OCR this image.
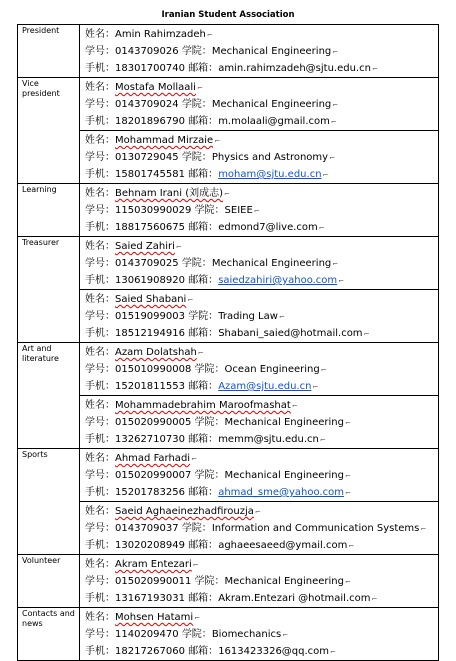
Iranian Student Association
President	姓名：Amin Rahimzadeh⌐
学号：0143709026 学院：Mechanical Engineering⌐
手机：18301700740 邮箱：amin.rahimzadeh@sjtu.edu.cn⌐

Vice president	姓名：Mostafa Mollaali⌐
学号：0143709024 学院：Mechanical Engineering⌐
手机：18201896790 邮箱：m.molaali@gmail.com⌐

	姓名：Mohammad Mirzaie⌐
学号：0130729045 学院：Physics and Astronomy⌐
手机：15801745581 邮箱：moham@sjtu.edu.cn⌐

Learning	姓名：Behnam Irani (刘成志)⌐
学号：115030990029 学院：SEIEE⌐
手机：18817560675 邮箱：edmond7@live.com⌐

Treasurer	姓名：Saied Zahiri⌐
学号：0143709025 学院：Mechanical Engineering⌐
手机：13061908920 邮箱：saiedzahiri@yahoo.com⌐

	姓名：Saied Shabani⌐
学号：01519099003 学院：Trading Law⌐
手机：18512194916 邮箱：Shabani_saied@hotmail.com⌐

Art and literature	姓名：Azam Dolatshah⌐
学号：015010990008 学院：Ocean Engineering⌐
手机：15201811553 邮箱：Azam@sjtu.edu.cn⌐

	姓名：Mohammadebrahim Maroofmashat⌐
学号：015020990005 学院：Mechanical Engineering⌐
手机：13262710730 邮箱：memm@sjtu.edu.cn⌐

Sports	姓名：Ahmad Farhadi⌐
学号：015020990007 学院：Mechanical Engineering⌐
手机：15201783256 邮箱：ahmad_sme@yahoo.com⌐

	姓名：Saeid Aghaeinezhadfirouzja⌐
学号：0143709037 学院：Information and Communication Systems⌐
手机：13020208949 邮箱：aghaeesaeed@ymail.com⌐

Volunteer	姓名：Akram Entezari⌐
学号：015020990011 学院：Mechanical Engineering⌐
手机：13167193031 邮箱：Akram.Entezari @hotmail.com⌐

Contacts and news	姓名：Mohsen Hatami⌐
学号：1140209470 学院：Biomechanics⌐
手机：18217267060 邮箱：1613423326@qq.com⌐
